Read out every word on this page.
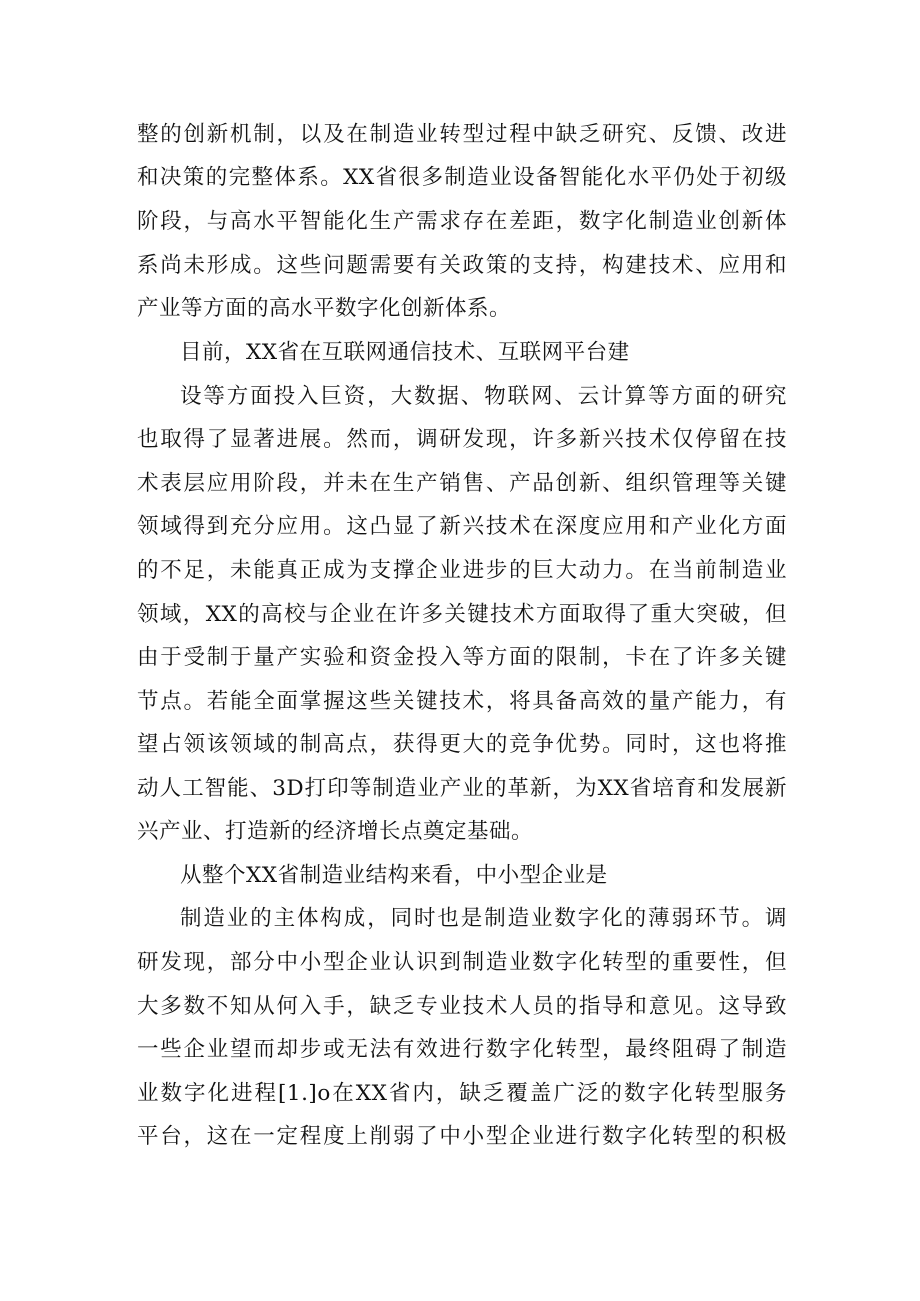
整的创新机制，以及在制造业转型过程中缺乏研究、反馈、改进
和决策的完整体系。XX省很多制造业设备智能化水平仍处于初级
阶段，与高水平智能化生产需求存在差距，数字化制造业创新体
系尚未形成。这些问题需要有关政策的支持，构建技术、应用和
产业等方面的高水平数字化创新体系。
目前，XX省在互联网通信技术、互联网平台建
设等方面投入巨资，大数据、物联网、云计算等方面的研究
也取得了显著进展。然而，调研发现，许多新兴技术仅停留在技
术表层应用阶段，并未在生产销售、产品创新、组织管理等关键
领域得到充分应用。这凸显了新兴技术在深度应用和产业化方面
的不足，未能真正成为支撑企业进步的巨大动力。在当前制造业
领域，XX的高校与企业在许多关键技术方面取得了重大突破，但
由于受制于量产实验和资金投入等方面的限制，卡在了许多关键
节点。若能全面掌握这些关键技术，将具备高效的量产能力，有
望占领该领域的制高点，获得更大的竞争优势。同时，这也将推
动人工智能、3D打印等制造业产业的革新，为XX省培育和发展新
兴产业、打造新的经济增长点奠定基础。
从整个XX省制造业结构来看，中小型企业是
制造业的主体构成，同时也是制造业数字化的薄弱环节。调
研发现，部分中小型企业认识到制造业数字化转型的重要性，但
大多数不知从何入手，缺乏专业技术人员的指导和意见。这导致
一些企业望而却步或无法有效进行数字化转型，最终阻碍了制造
业数字化进程[1.]o在XX省内，缺乏覆盖广泛的数字化转型服务
平台，这在一定程度上削弱了中小型企业进行数字化转型的积极
